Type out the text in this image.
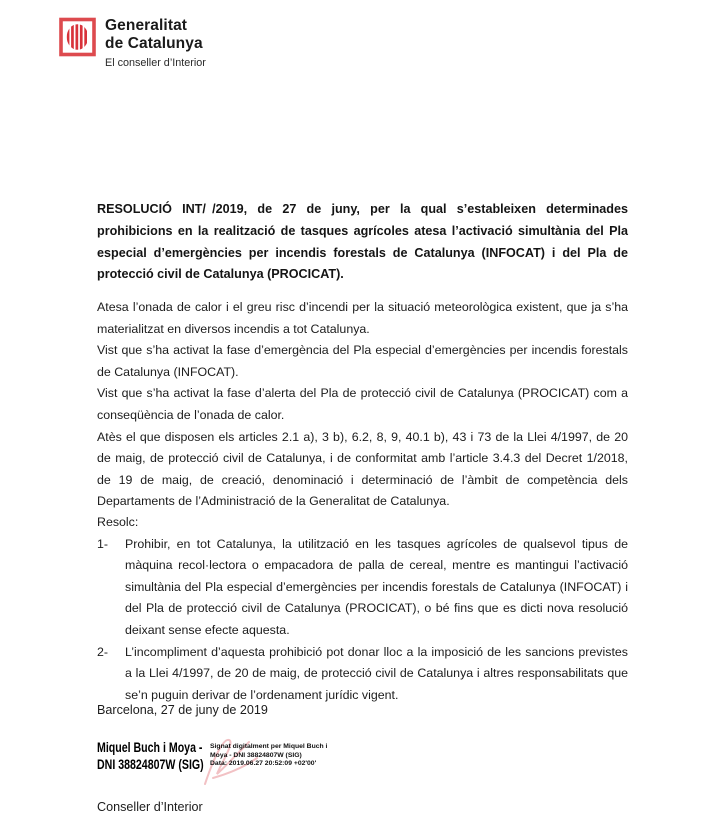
Generalitat
de Catalunya
El conseller d’Interior

RESOLUCIÓ INT/ /2019, de 27 de juny, per la qual s’estableixen determinades prohibicions en la realització de tasques agrícoles atesa l’activació simultània del Pla especial d’emergències per incendis forestals de Catalunya (INFOCAT) i del Pla de protecció civil de Catalunya (PROCICAT).

Atesa l’onada de calor i el greu risc d’incendi per la situació meteorològica existent, que ja s’ha materialitzat en diversos incendis a tot Catalunya.

Vist que s’ha activat la fase d’emergència del Pla especial d’emergències per incendis forestals de Catalunya (INFOCAT).

Vist que s’ha activat la fase d’alerta del Pla de protecció civil de Catalunya (PROCICAT) com a conseqüència de l’onada de calor.

Atès el que disposen els articles 2.1 a), 3 b), 6.2, 8, 9, 40.1 b), 43 i 73 de la Llei 4/1997, de 20 de maig, de protecció civil de Catalunya, i de conformitat amb l’article 3.4.3 del Decret 1/2018, de 19 de maig, de creació, denominació i determinació de l’àmbit de competència dels Departaments de l’Administració de la Generalitat de Catalunya.

Resolc:

1-	Prohibir, en tot Catalunya, la utilització en les tasques agrícoles de qualsevol tipus de màquina recol·lectora o empacadora de palla de cereal, mentre es mantingui l’activació simultània del Pla especial d’emergències per incendis forestals de Catalunya (INFOCAT) i del Pla de protecció civil de Catalunya (PROCICAT), o bé fins que es dicti nova resolució deixant sense efecte aquesta.

2-	L’incompliment d’aquesta prohibició pot donar lloc a la imposició de les sancions previstes a la Llei 4/1997, de 20 de maig, de protecció civil de Catalunya i altres responsabilitats que se’n puguin derivar de l’ordenament jurídic vigent.

Barcelona, 27 de juny de 2019

Miquel Buch i Moya -
DNI 38824807W (SIG)
Signat digitalment per Miquel Buch i
Moya - DNI 38824807W (SIG)
Data: 2019.06.27 20:52:09 +02'00'

Conseller d’Interior
